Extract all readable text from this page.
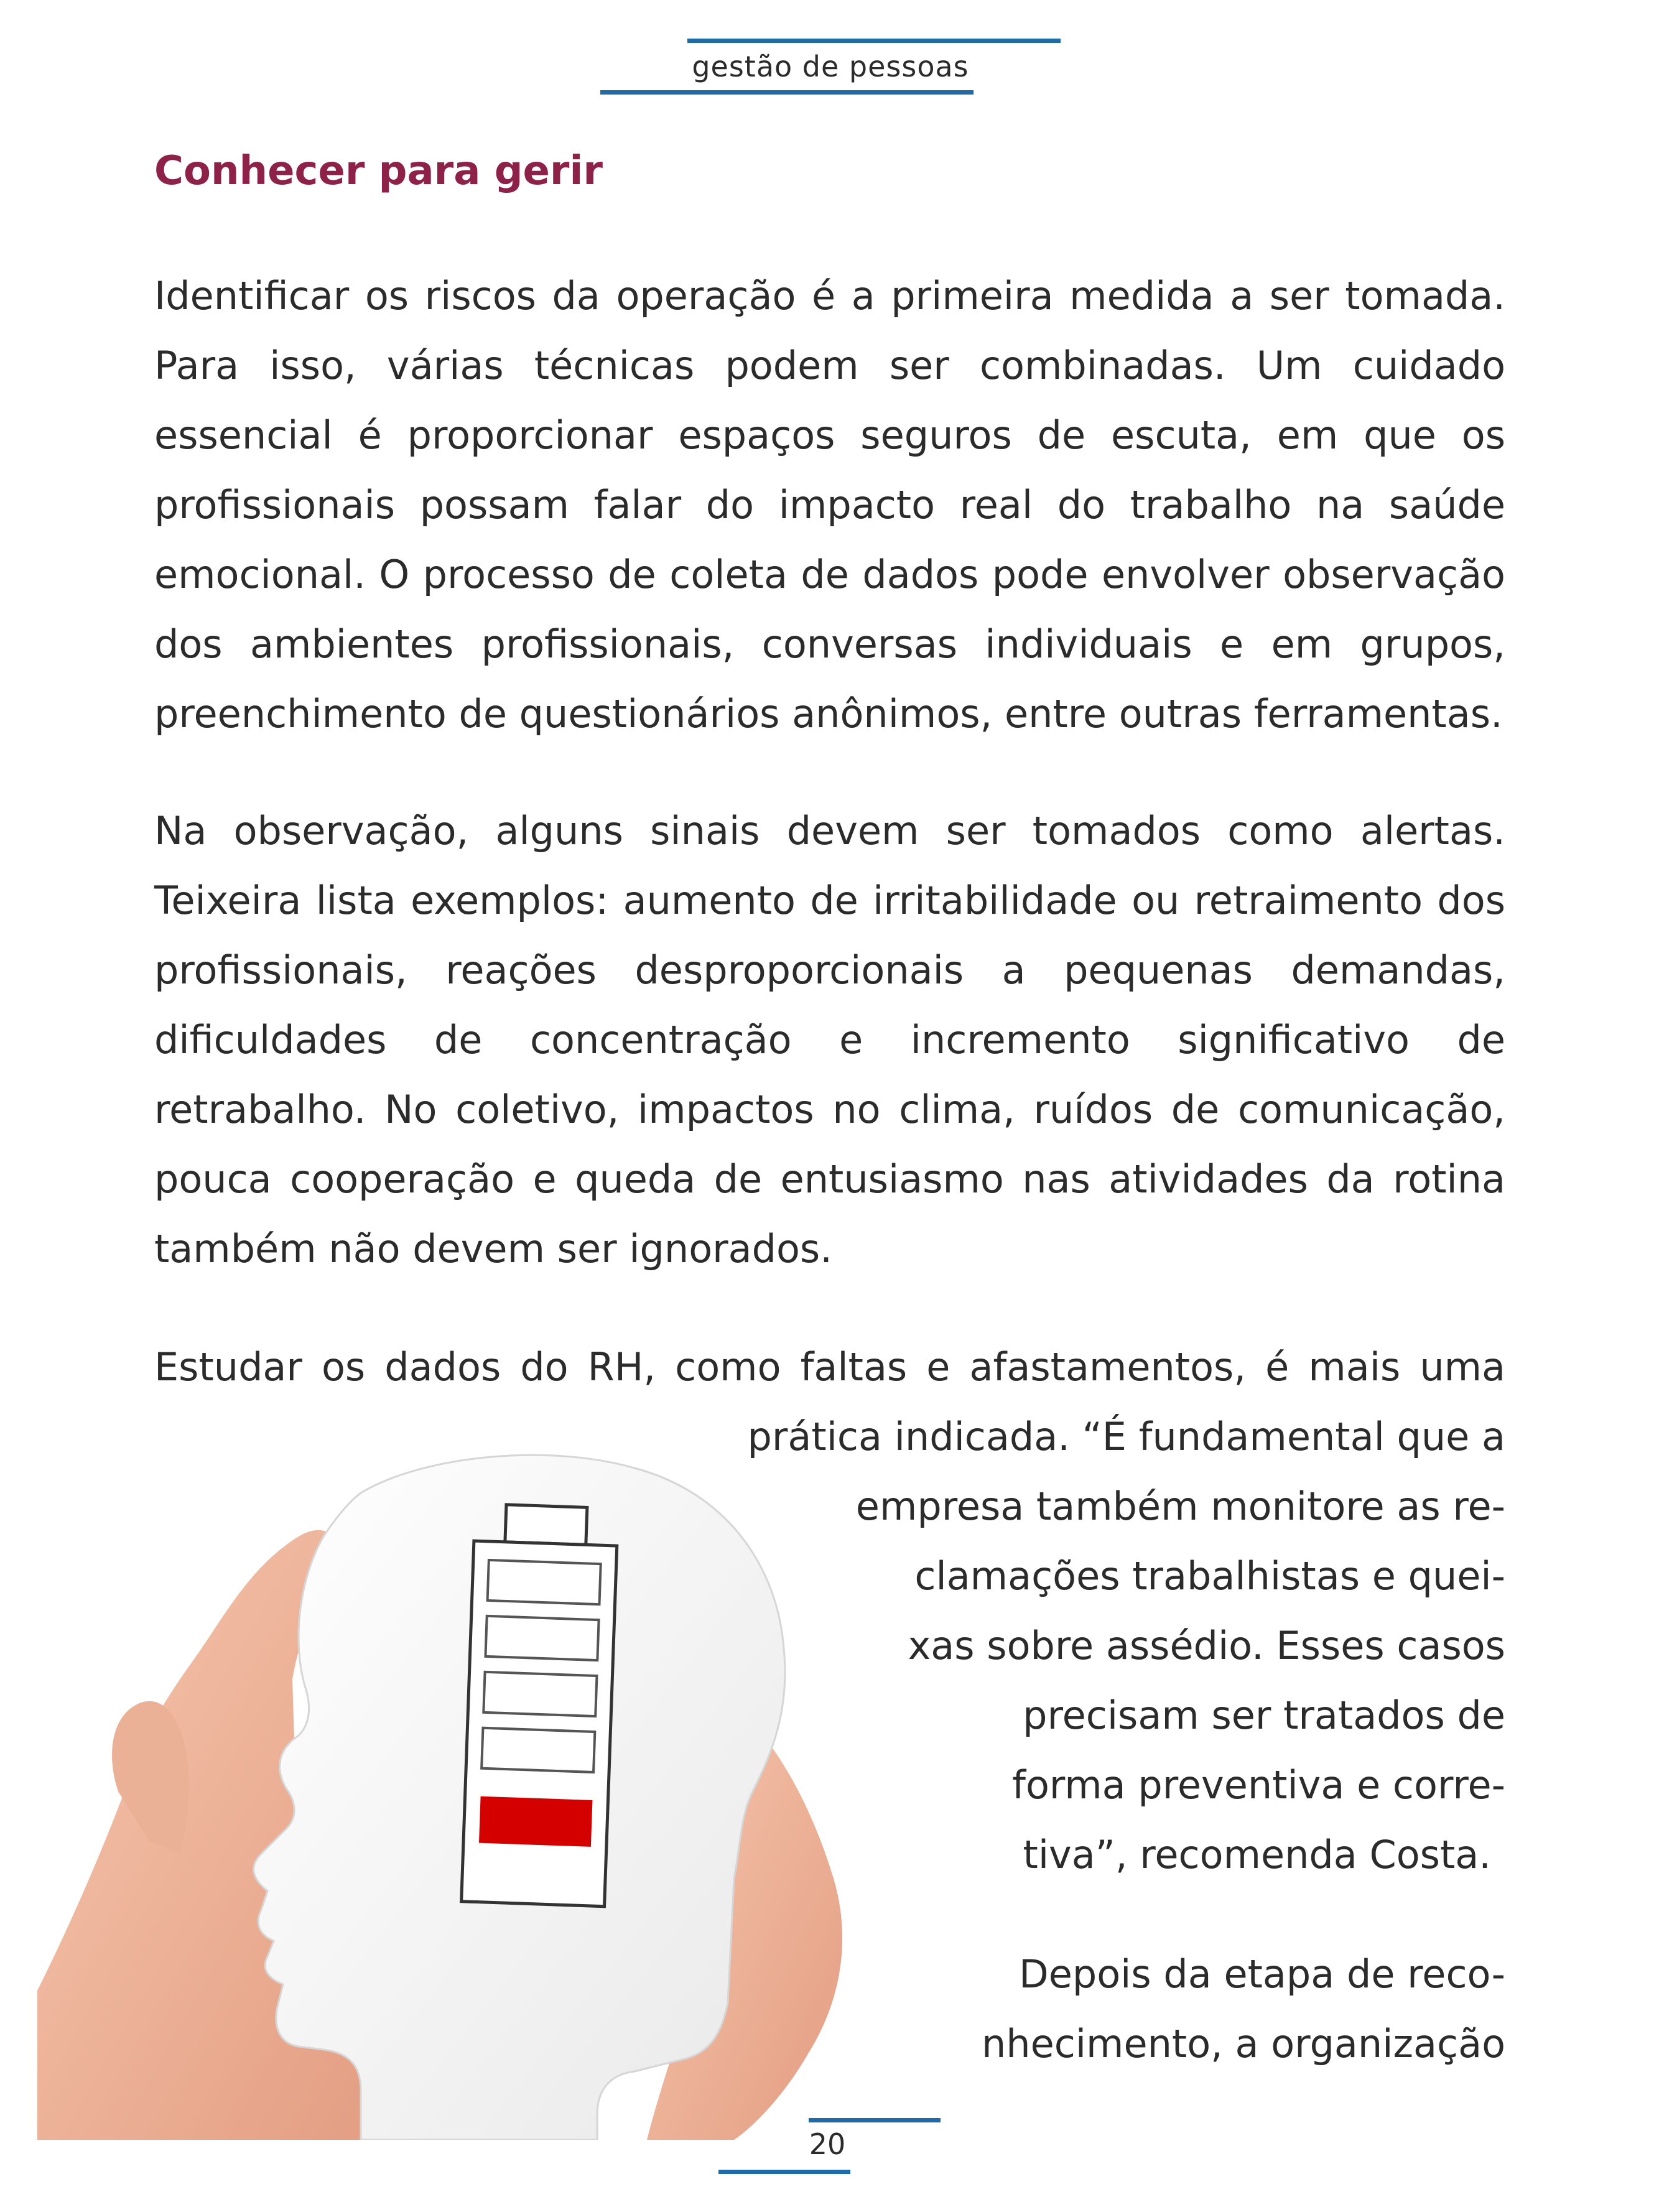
gestão de pessoas
Conhecer para gerir
Identificar os riscos da operação é a primeira medida a ser tomada. Para isso, várias técnicas podem ser combinadas. Um cuidado essencial é proporcionar espaços seguros de escuta, em que os profissionais possam falar do impacto real do trabalho na saúde emocional. O processo de coleta de dados pode envolver observação dos ambientes profissionais, conversas individuais e em grupos, preenchimento de questionários anônimos, entre outras ferramentas.
Na observação, alguns sinais devem ser tomados como alertas. Teixeira lista exemplos: aumento de irritabilidade ou retraimento dos profissionais, reações desproporcionais a pequenas demandas, dificuldades de concentração e incremento significativo de retrabalho. No coletivo, impactos no clima, ruídos de comunicação, pouca cooperação e queda de entusiasmo nas atividades da rotina também não devem ser ignorados.
Estudar os dados do RH, como faltas e afastamentos, é mais uma
prática indicada. “É fundamental que a
empresa também monitore as re-
clamações trabalhistas e quei-
xas sobre assédio. Esses casos
precisam ser tratados de
forma preventiva e corre-
tiva”, recomenda Costa.
Depois da etapa de reco-
nhecimento, a organização
20
